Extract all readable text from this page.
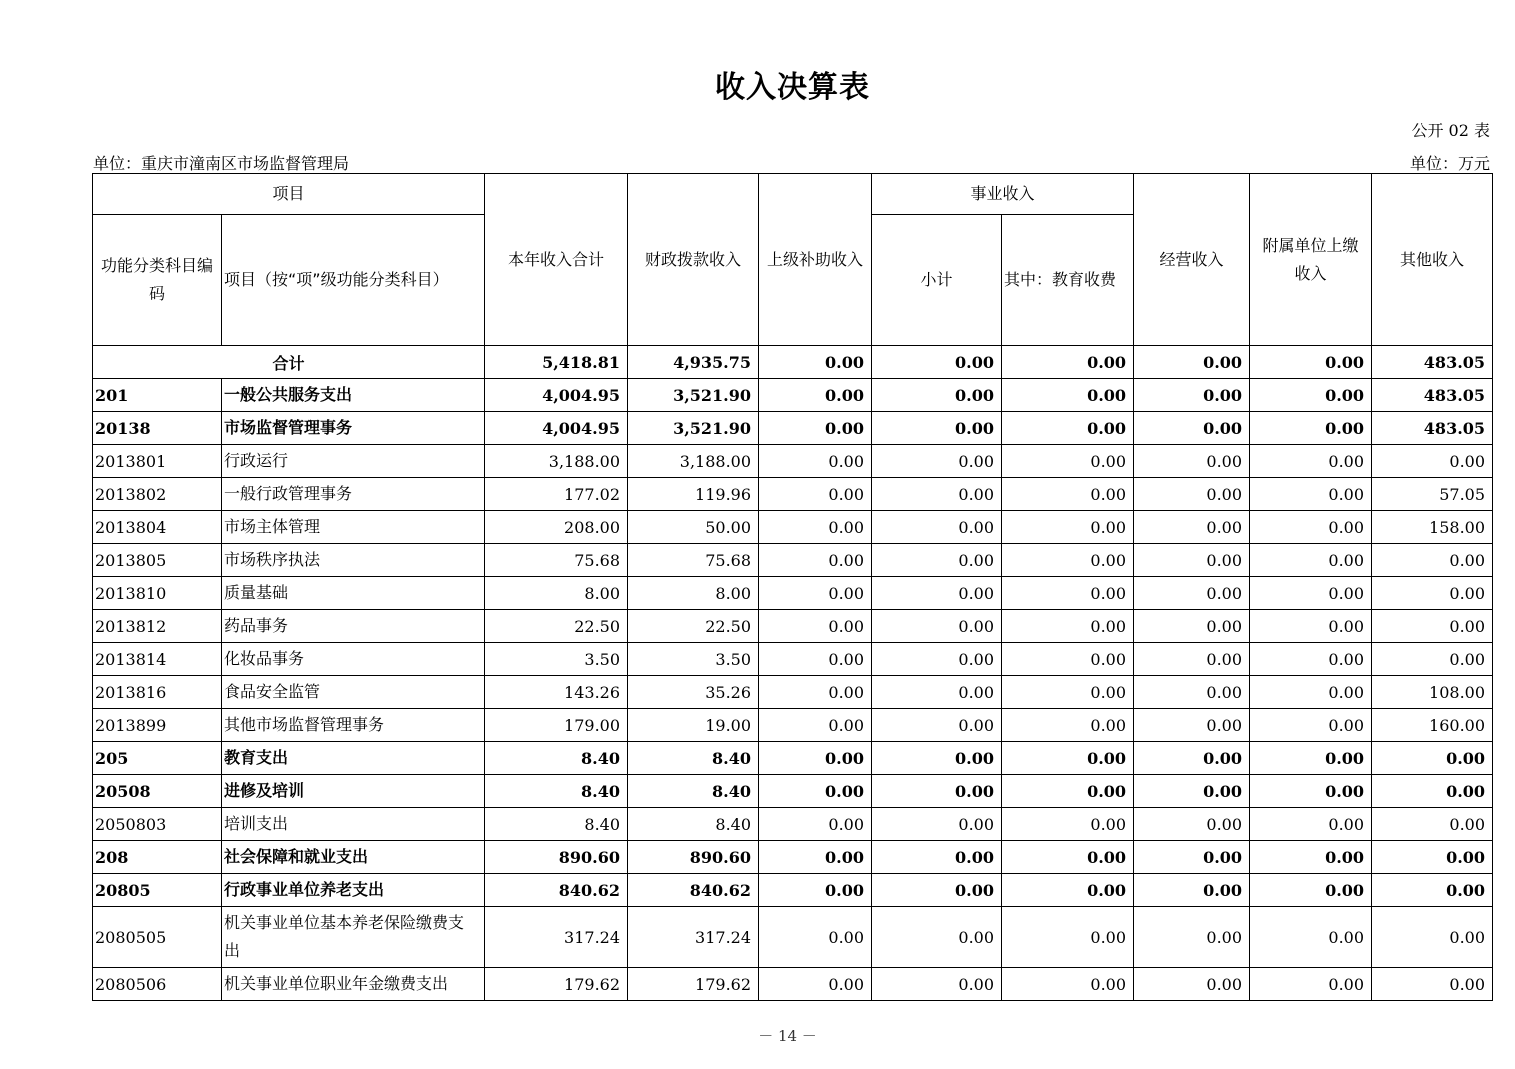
收入决算表
公开 02 表
单位：重庆市潼南区市场监督管理局	单位：万元
项目		本年收入合计	财政拨款收入	上级补助收入	事业收入		经营收入	附属单位上缴收入	其他收入
功能分类科目编码	项目（按“项”级功能分类科目）				小计	其中：教育收费			
合计		5,418.81	4,935.75	0.00	0.00	0.00	0.00	0.00	483.05
201	一般公共服务支出	4,004.95	3,521.90	0.00	0.00	0.00	0.00	0.00	483.05
20138	市场监督管理事务	4,004.95	3,521.90	0.00	0.00	0.00	0.00	0.00	483.05
2013801	行政运行	3,188.00	3,188.00	0.00	0.00	0.00	0.00	0.00	0.00
2013802	一般行政管理事务	177.02	119.96	0.00	0.00	0.00	0.00	0.00	57.05
2013804	市场主体管理	208.00	50.00	0.00	0.00	0.00	0.00	0.00	158.00
2013805	市场秩序执法	75.68	75.68	0.00	0.00	0.00	0.00	0.00	0.00
2013810	质量基础	8.00	8.00	0.00	0.00	0.00	0.00	0.00	0.00
2013812	药品事务	22.50	22.50	0.00	0.00	0.00	0.00	0.00	0.00
2013814	化妆品事务	3.50	3.50	0.00	0.00	0.00	0.00	0.00	0.00
2013816	食品安全监管	143.26	35.26	0.00	0.00	0.00	0.00	0.00	108.00
2013899	其他市场监督管理事务	179.00	19.00	0.00	0.00	0.00	0.00	0.00	160.00
205	教育支出	8.40	8.40	0.00	0.00	0.00	0.00	0.00	0.00
20508	进修及培训	8.40	8.40	0.00	0.00	0.00	0.00	0.00	0.00
2050803	培训支出	8.40	8.40	0.00	0.00	0.00	0.00	0.00	0.00
208	社会保障和就业支出	890.60	890.60	0.00	0.00	0.00	0.00	0.00	0.00
20805	行政事业单位养老支出	840.62	840.62	0.00	0.00	0.00	0.00	0.00	0.00
2080505	机关事业单位基本养老保险缴费支出	317.24	317.24	0.00	0.00	0.00	0.00	0.00	0.00
2080506	机关事业单位职业年金缴费支出	179.62	179.62	0.00	0.00	0.00	0.00	0.00	0.00
－ 14 －
